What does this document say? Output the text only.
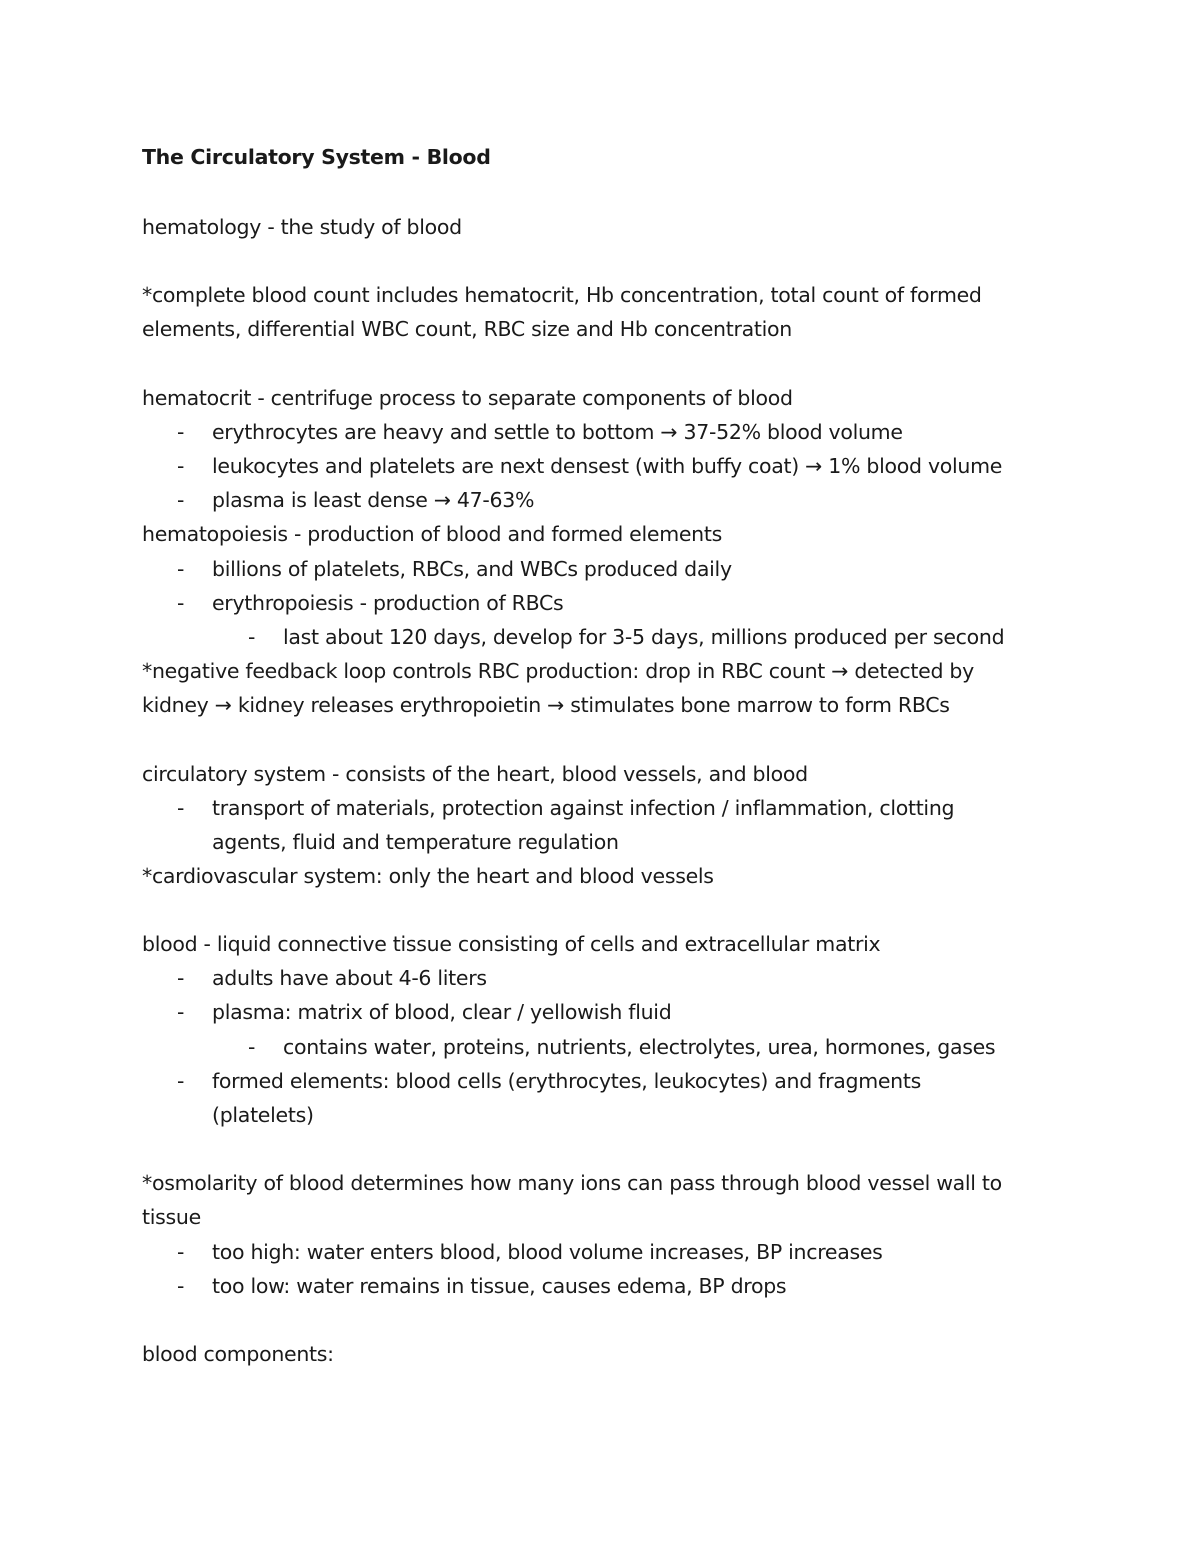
The Circulatory System - Blood
hematology - the study of blood
*complete blood count includes hematocrit, Hb concentration, total count of formed
elements, differential WBC count, RBC size and Hb concentration
hematocrit - centrifuge process to separate components of blood
- erythrocytes are heavy and settle to bottom → 37-52% blood volume
- leukocytes and platelets are next densest (with buffy coat) → 1% blood volume
- plasma is least dense → 47-63%
hematopoiesis - production of blood and formed elements
- billions of platelets, RBCs, and WBCs produced daily
- erythropoiesis - production of RBCs
- last about 120 days, develop for 3-5 days, millions produced per second
*negative feedback loop controls RBC production: drop in RBC count → detected by
kidney → kidney releases erythropoietin → stimulates bone marrow to form RBCs
circulatory system - consists of the heart, blood vessels, and blood
- transport of materials, protection against infection / inflammation, clotting
agents, fluid and temperature regulation
*cardiovascular system: only the heart and blood vessels
blood - liquid connective tissue consisting of cells and extracellular matrix
- adults have about 4-6 liters
- plasma: matrix of blood, clear / yellowish fluid
- contains water, proteins, nutrients, electrolytes, urea, hormones, gases
- formed elements: blood cells (erythrocytes, leukocytes) and fragments
(platelets)
*osmolarity of blood determines how many ions can pass through blood vessel wall to
tissue
- too high: water enters blood, blood volume increases, BP increases
- too low: water remains in tissue, causes edema, BP drops
blood components:
